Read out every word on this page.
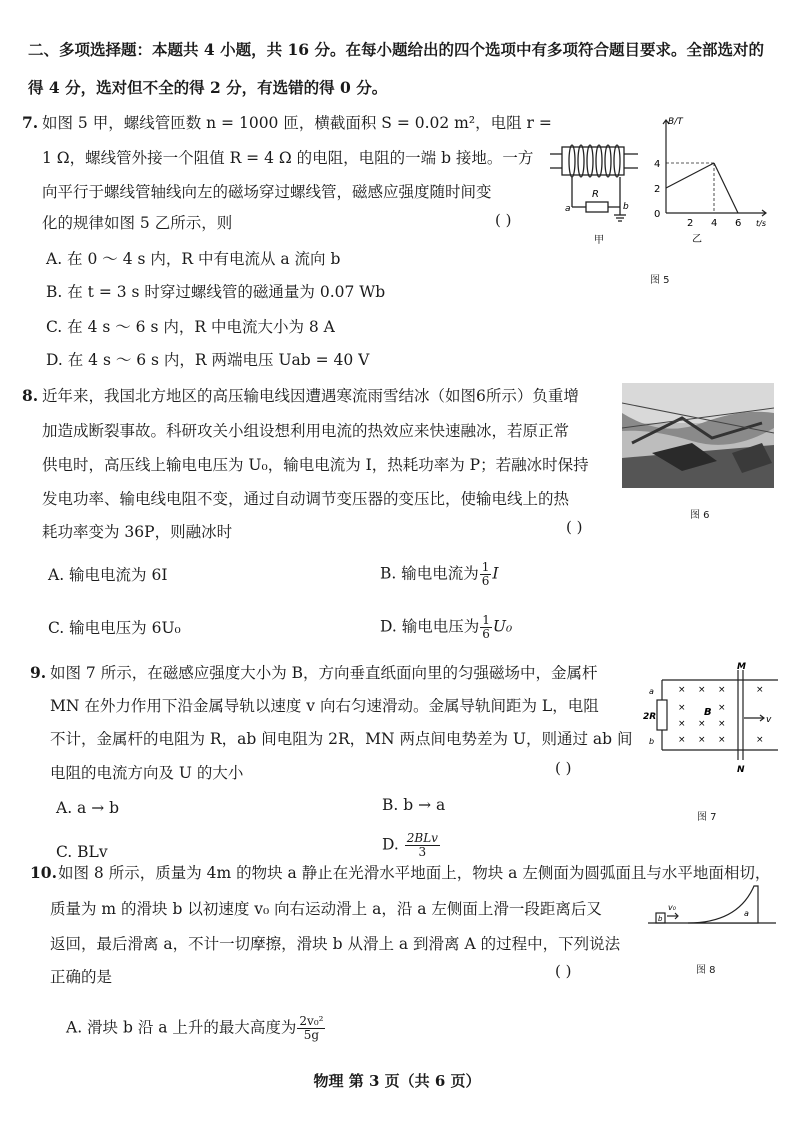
二、多项选择题：本题共 4 小题，共 16 分。在每小题给出的四个选项中有多项符合题目要求。全部选对的
得 4 分，选对但不全的得 2 分，有选错的得 0 分。
7. 如图 5 甲，螺线管匝数 n = 1000 匝，横截面积 S = 0.02 m²，电阻 r =
1 Ω，螺线管外接一个阻值 R = 4 Ω 的电阻，电阻的一端 b 接地。一方
向平行于螺线管轴线向左的磁场穿过螺线管，磁感应强度随时间变
化的规律如图 5 乙所示，则	( )
A. 在 0 ～ 4 s 内，R 中有电流从 a 流向 b
B. 在 t = 3 s 时穿过螺线管的磁通量为 0.07 Wb
C. 在 4 s ～ 6 s 内，R 中电流大小为 8 A
D. 在 4 s ～ 6 s 内，R 两端电压 Uab = 40 V
R
a	b
甲
B/T
4
2
0
2 4 6 t/s
乙
图 5
8. 近年来，我国北方地区的高压输电线因遭遇寒流雨雪结冰（如图6所示）负重增
加造成断裂事故。科研攻关小组设想利用电流的热效应来快速融冰，若原正常
供电时，高压线上输电电压为 U₀，输电电流为 I，热耗功率为 P；若融冰时保持
发电功率、输电线电阻不变，通过自动调节变压器的变压比，使输电线上的热
耗功率变为 36P，则融冰时	( )
图 6
A. 输电电流为 6I	B. 输电电流为 $\frac{1}{6}$ I
C. 输电电压为 6U₀	D. 输电电压为 $\frac{1}{6} U_0$
9. 如图 7 所示，在磁感应强度大小为 B，方向垂直纸面向里的匀强磁场中，金属杆
MN 在外力作用下沿金属导轨以速度 v 向右匀速滑动。金属导轨间距为 L，电阻
不计，金属杆的电阻为 R，ab 间电阻为 2R，MN 两点间电势差为 U，则通过 ab 间
电阻的电流方向及 U 的大小	( )
A. a → b	B. b → a
C. BLv	D. $\frac{\text{2BLv}}{3}$
M
N
2R
a
b
B
v
× × ×	×
×	×
× × ×
× × ×	×
图 7
10. 如图 8 所示，质量为 4m 的物块 a 静止在光滑水平地面上，物块 a 左侧面为圆弧面且与水平地面相切，
质量为 m 的滑块 b 以初速度 v₀ 向右运动滑上 a，沿 a 左侧面上滑一段距离后又
返回，最后滑离 a，不计一切摩擦，滑块 b 从滑上 a 到滑离 A 的过程中，下列说法
正确的是	( )
A. 滑块 b 沿 a 上升的最大高度为 $\frac{\text{2v₀²}}{5g}$
v₀
b
a
图 8
物理 第 3 页（共 6 页）
